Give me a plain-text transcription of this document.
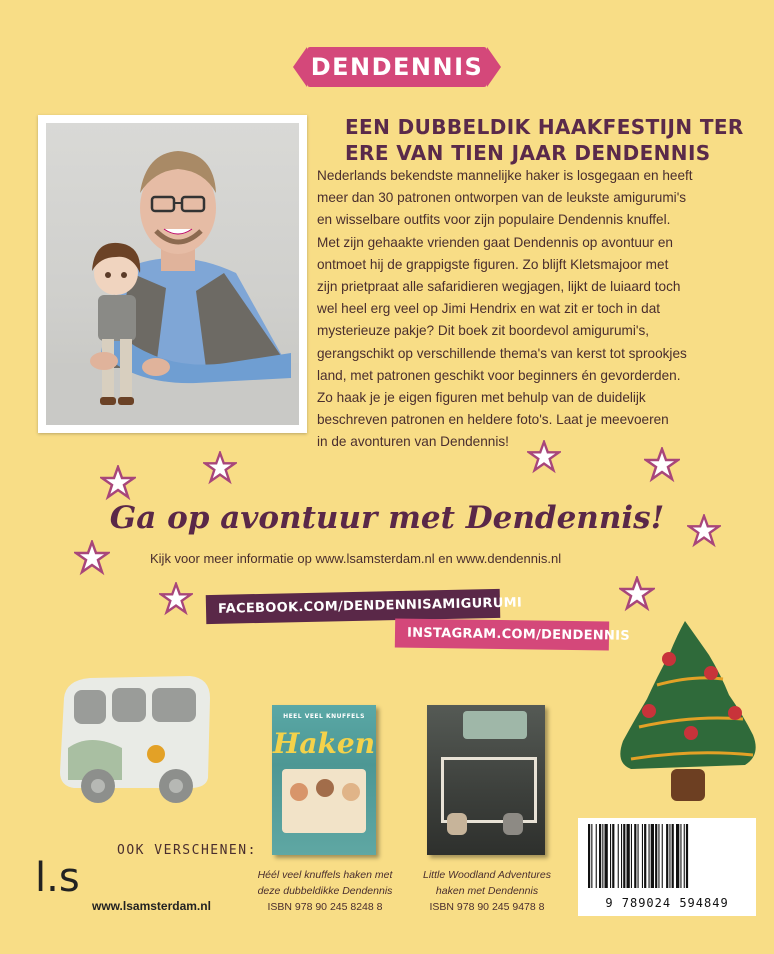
DENDENNIS
EEN DUBBELDIK HAAKFESTIJN TER
ERE VAN TIEN JAAR DENDENNIS
Nederlands bekendste mannelijke haker is losgegaan en heeft
meer dan 30 patronen ontworpen van de leukste amigurumi's
en wisselbare outfits voor zijn populaire Dendennis knuffel.
Met zijn gehaakte vrienden gaat Dendennis op avontuur en
ontmoet hij de grappigste figuren. Zo blijft Kletsmajoor met
zijn prietpraat alle safaridieren wegjagen, lijkt de luiaard toch
wel heel erg veel op Jimi Hendrix en wat zit er toch in dat
mysterieuze pakje? Dit boek zit boordevol amigurumi's,
gerangschikt op verschillende thema's van kerst tot sprookjes
land, met patronen geschikt voor beginners én gevorderden.
Zo haak je je eigen figuren met behulp van de duidelijk
beschreven patronen en heldere foto's. Laat je meevoeren
in de avonturen van Dendennis!
Ga op avontuur met Dendennis!
Kijk voor meer informatie op www.lsamsterdam.nl en www.dendennis.nl
FACEBOOK.COM/DENDENNISAMIGURUMI
INSTAGRAM.COM/DENDENNIS
HEEL VEEL KNUFFELS
Haken
Héél veel knuffels haken met
deze dubbeldikke Dendennis
ISBN 978 90 245 8248 8
Little Woodland Adventures
haken met Dendennis
ISBN 978 90 245 9478 8
OOK VERSCHENEN:
l.s
www.lsamsterdam.nl	9 789024 594849
